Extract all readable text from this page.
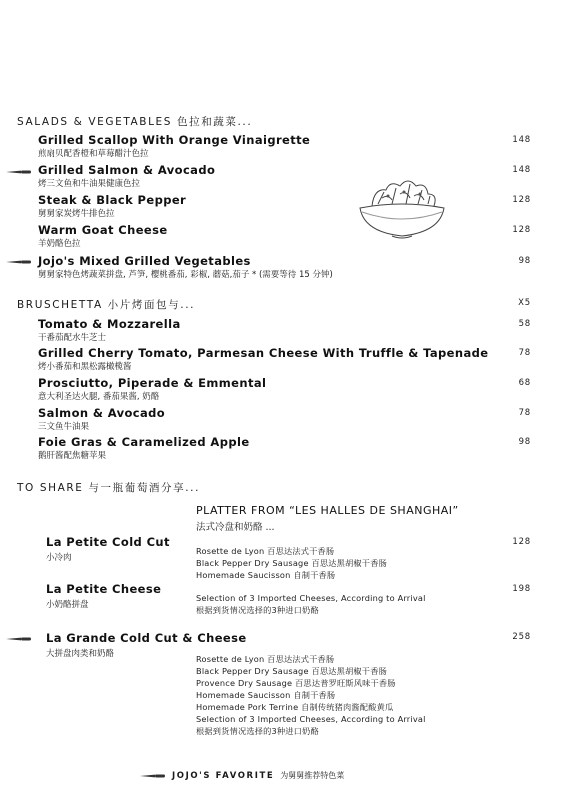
SALADS & VEGETABLES 色拉和蔬菜...
Grilled Scallop With Orange Vinaigrette
煎扇贝配香橙和草莓醋汁色拉
148
Grilled Salmon & Avocado
烤三文鱼和牛油果健康色拉
148
Steak & Black Pepper
舅舅家炭烤牛排色拉
128
Warm Goat Cheese
羊奶酪色拉
128
Jojo's Mixed Grilled Vegetables
舅舅家特色烤蔬菜拼盘, 芦笋, 樱桃番茄, 彩椒, 蘑菇,茄子 * (需要等待 15 分钟)
98
BRUSCHETTA 小片烤面包与...	X5
Tomato & Mozzarella
干番茄配水牛芝士
58
Grilled Cherry Tomato, Parmesan Cheese With Truffle & Tapenade
烤小番茄和黑松露橄榄酱
78
Prosciutto, Piperade & Emmental
意大利圣达火腿, 番茄果酱, 奶酪
68
Salmon & Avocado
三文鱼牛油果
78
Foie Gras & Caramelized Apple
鹅肝酱配焦糖苹果
98
TO SHARE 与一瓶葡萄酒分享...
PLATTER FROM “LES HALLES DE SHANGHAI”
法式冷盘和奶酪 ...
La Petite Cold Cut
小冷肉
128
Rosette de Lyon 百思达法式干香肠
Black Pepper Dry Sausage 百思达黑胡椒干香肠
Homemade Saucisson 自制干香肠
La Petite Cheese
小奶酪拼盘
198
Selection of 3 Imported Cheeses, According to Arrival
根据到货情况选择的3种进口奶酪
La Grande Cold Cut & Cheese
大拼盘肉类和奶酪
258
Rosette de Lyon 百思达法式干香肠
Black Pepper Dry Sausage 百思达黑胡椒干香肠
Provence Dry Sausage 百思达普罗旺斯风味干香肠
Homemade Saucisson 自制干香肠
Homemade Pork Terrine 自制传统猪肉酱配酸黄瓜
Selection of 3 Imported Cheeses, According to Arrival
根据到货情况选择的3种进口奶酪
JOJO'S FAVORITE 为舅舅推荐特色菜
